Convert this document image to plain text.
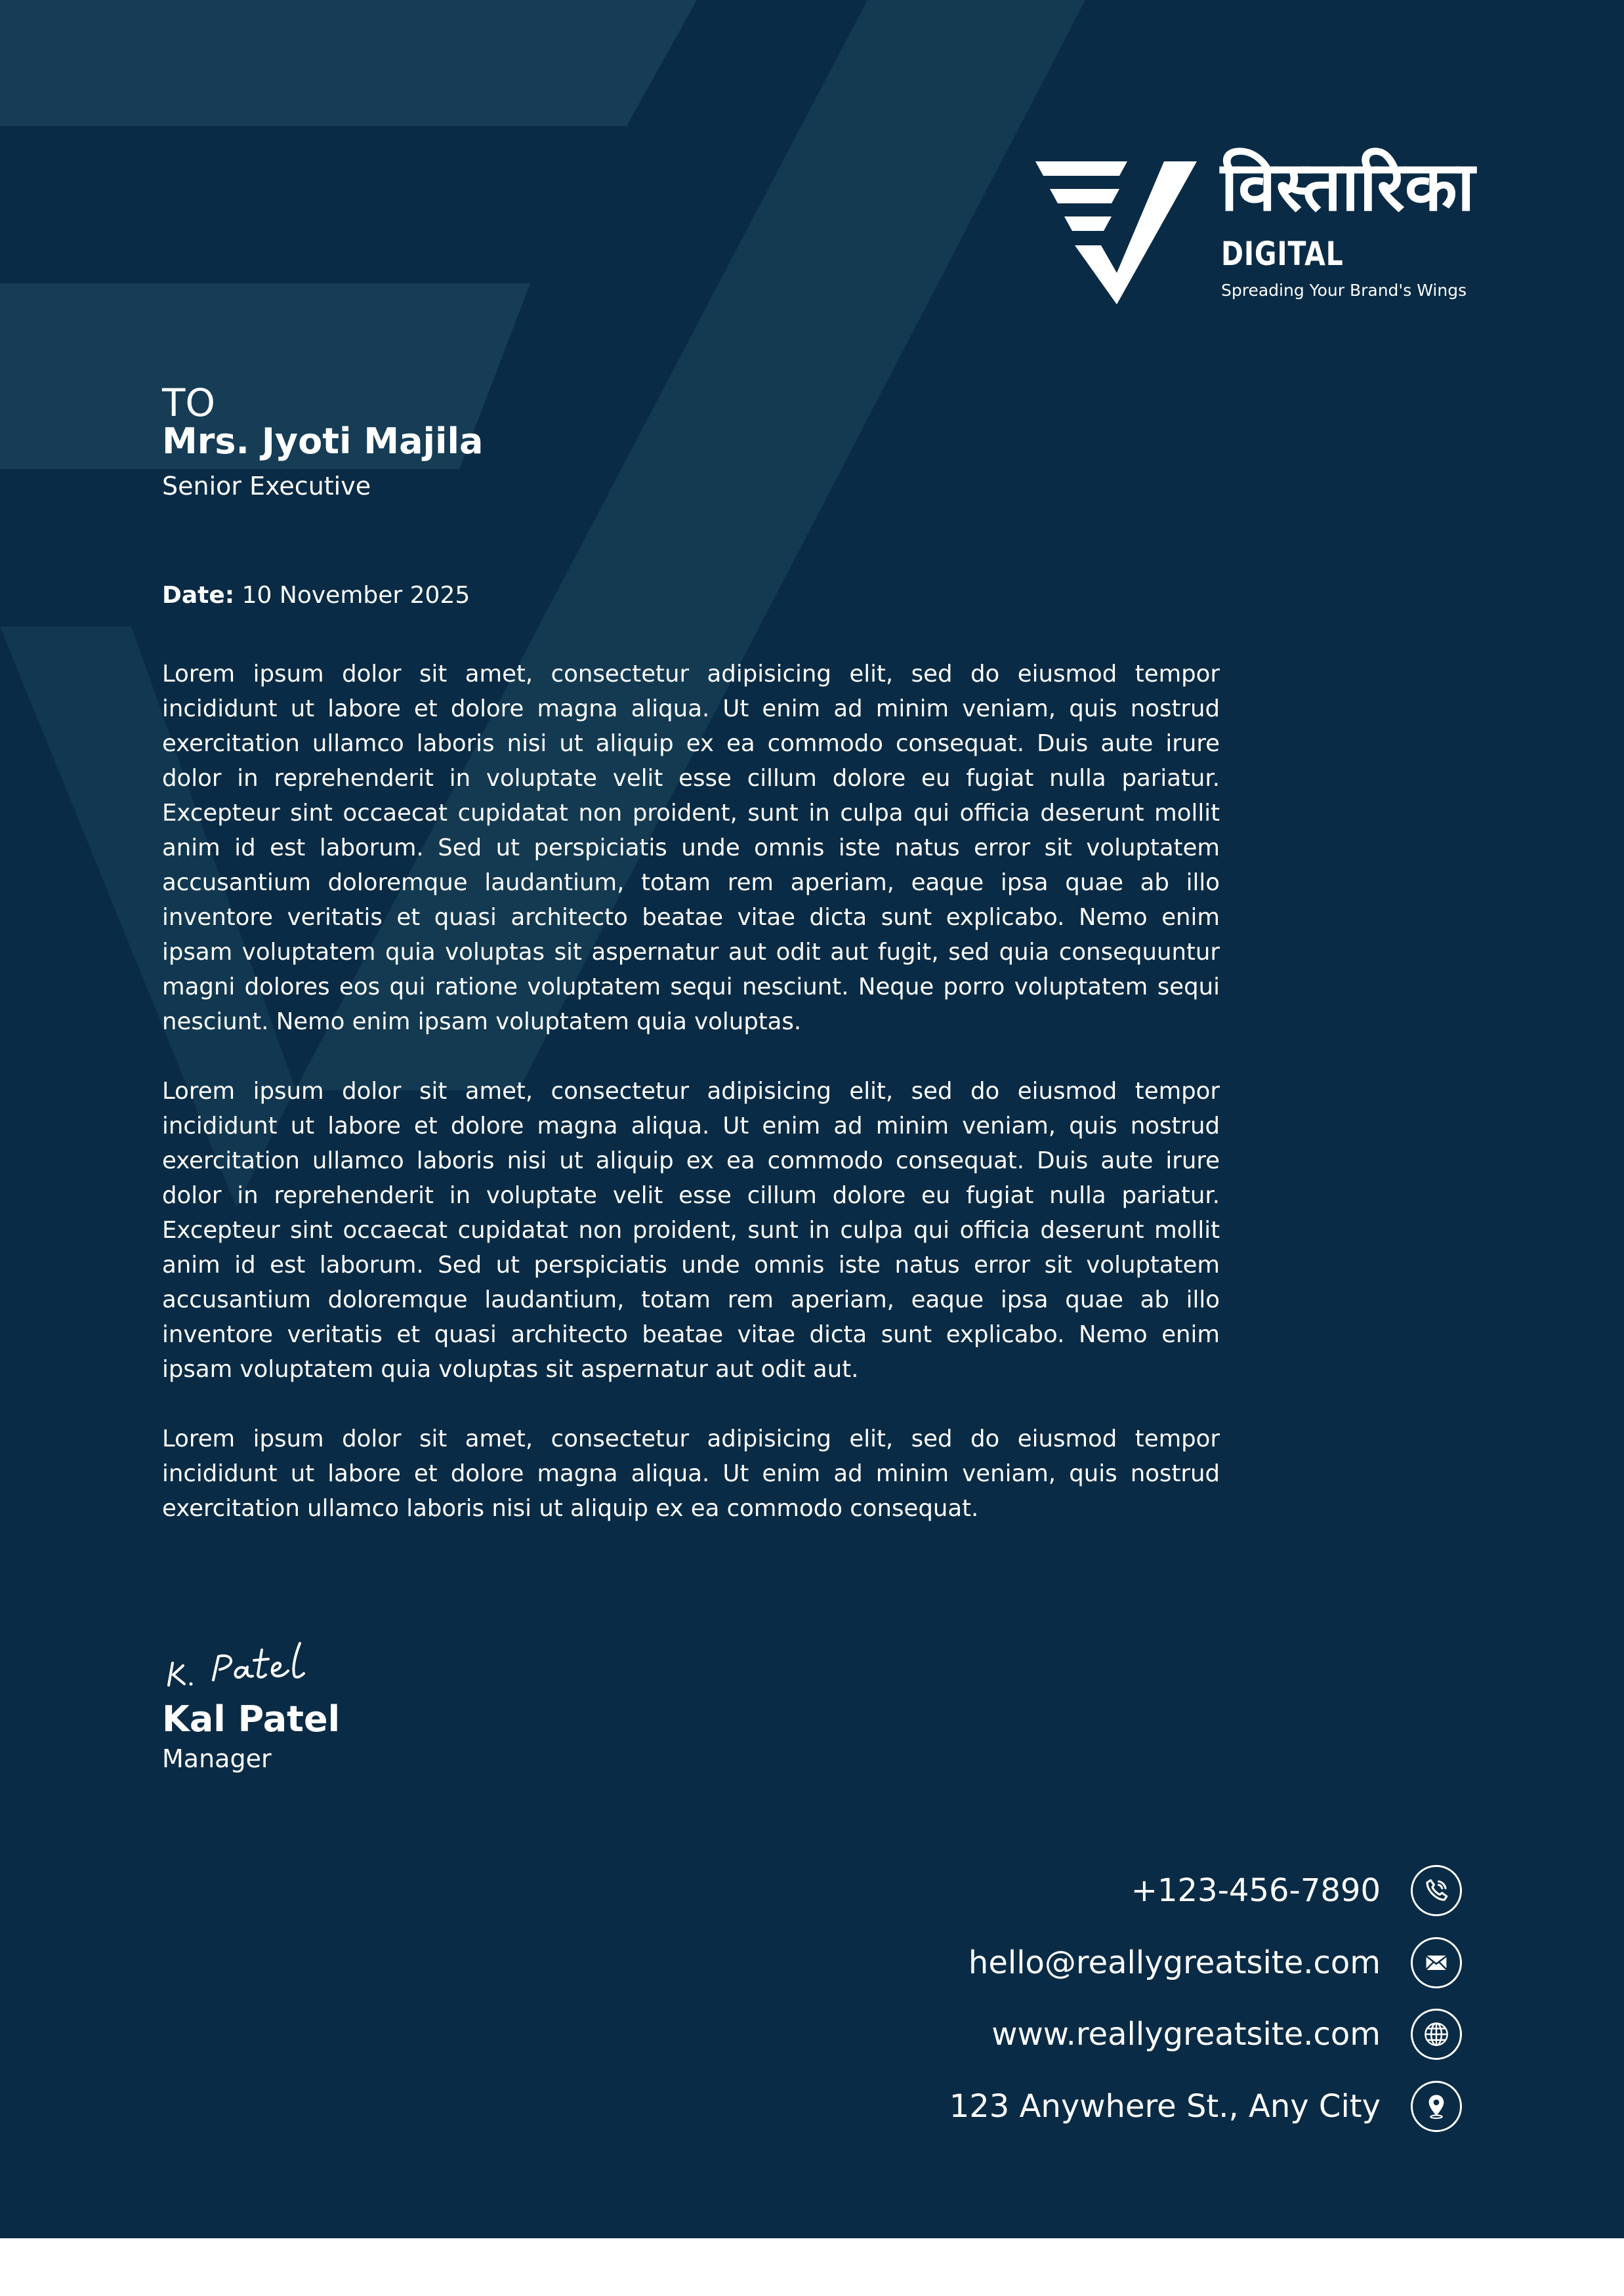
विस्तारिका
DIGITAL
Spreading Your Brand's Wings
TO
Mrs. Jyoti Majila
Senior Executive
Date: 10 November 2025

Lorem ipsum dolor sit amet, consectetur adipisicing elit, sed do eiusmod tempor incididunt ut labore et dolore magna aliqua. Ut enim ad minim veniam, quis nostrud exercitation ullamco laboris nisi ut aliquip ex ea commodo consequat. Duis aute irure dolor in reprehenderit in voluptate velit esse cillum dolore eu fugiat nulla pariatur. Excepteur sint occaecat cupidatat non proident, sunt in culpa qui officia deserunt mollit anim id est laborum. Sed ut perspiciatis unde omnis iste natus error sit voluptatem accusantium doloremque laudantium, totam rem aperiam, eaque ipsa quae ab illo inventore veritatis et quasi architecto beatae vitae dicta sunt explicabo. Nemo enim ipsam voluptatem quia voluptas sit aspernatur aut odit aut fugit, sed quia consequuntur magni dolores eos qui ratione voluptatem sequi nesciunt. Neque porro voluptatem sequi nesciunt. Nemo enim ipsam voluptatem quia voluptas.

Lorem ipsum dolor sit amet, consectetur adipisicing elit, sed do eiusmod tempor incididunt ut labore et dolore magna aliqua. Ut enim ad minim veniam, quis nostrud exercitation ullamco laboris nisi ut aliquip ex ea commodo consequat. Duis aute irure dolor in reprehenderit in voluptate velit esse cillum dolore eu fugiat nulla pariatur. Excepteur sint occaecat cupidatat non proident, sunt in culpa qui officia deserunt mollit anim id est laborum. Sed ut perspiciatis unde omnis iste natus error sit voluptatem accusantium doloremque laudantium, totam rem aperiam, eaque ipsa quae ab illo inventore veritatis et quasi architecto beatae vitae dicta sunt explicabo. Nemo enim ipsam voluptatem quia voluptas sit aspernatur aut odit aut.

Lorem ipsum dolor sit amet, consectetur adipisicing elit, sed do eiusmod tempor incididunt ut labore et dolore magna aliqua. Ut enim ad minim veniam, quis nostrud exercitation ullamco laboris nisi ut aliquip ex ea commodo consequat.

Kal Patel
Manager
+123-456-7890
hello@reallygreatsite.com
www.reallygreatsite.com
123 Anywhere St., Any City
